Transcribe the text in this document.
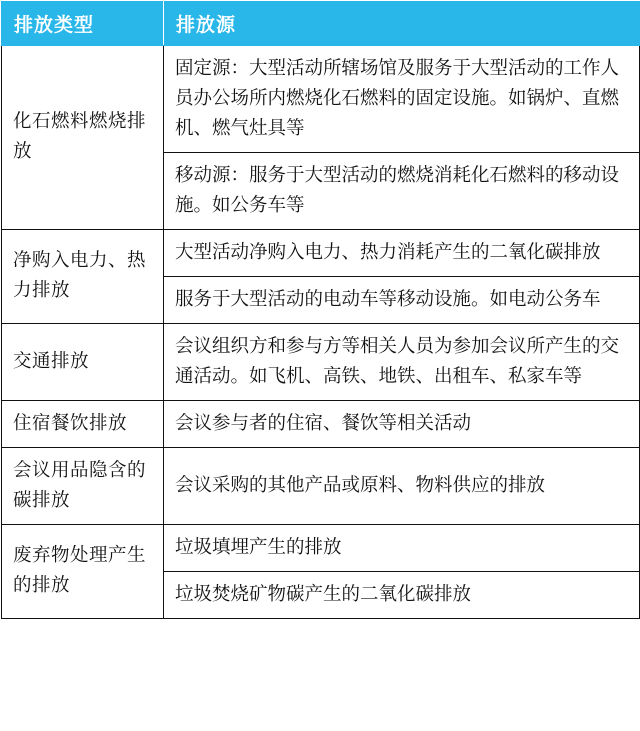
排放类型	排放源
化石燃料燃烧排放	固定源：大型活动所辖场馆及服务于大型活动的工作人员办公场所内燃烧化石燃料的固定设施。如锅炉、直燃机、燃气灶具等
	移动源：服务于大型活动的燃烧消耗化石燃料的移动设施。如公务车等
净购入电力、热力排放	大型活动净购入电力、热力消耗产生的二氧化碳排放
	服务于大型活动的电动车等移动设施。如电动公务车
交通排放	会议组织方和参与方等相关人员为参加会议所产生的交通活动。如飞机、高铁、地铁、出租车、私家车等
住宿餐饮排放	会议参与者的住宿、餐饮等相关活动
会议用品隐含的碳排放	会议采购的其他产品或原料、物料供应的排放
废弃物处理产生的排放	垃圾填埋产生的排放
	垃圾焚烧矿物碳产生的二氧化碳排放
